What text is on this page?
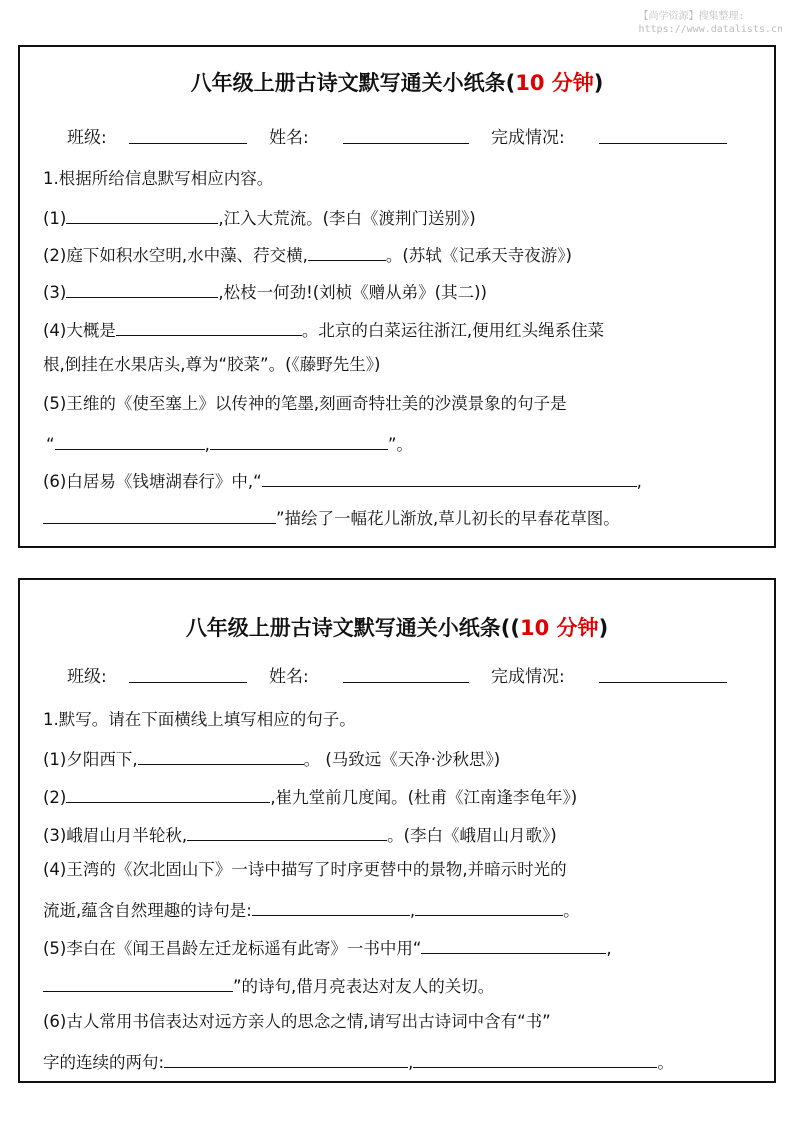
【尚学资源】搜集整理:
https://www.datalists.cn
八年级上册古诗文默写通关小纸条(10 分钟)
班级:	姓名:	完成情况:
1.根据所给信息默写相应内容。
(1)	,江入大荒流。(李白《渡荆门送别》)
(2)庭下如积水空明,水中藻、荇交横,	。(苏轼《记承天寺夜游》)
(3)	,松枝一何劲!(刘桢《赠从弟》(其二))
(4)大概是	。北京的白菜运往浙江,便用红头绳系住菜
根,倒挂在水果店头,尊为“胶菜”。(《藤野先生》)
(5)王维的《使至塞上》以传神的笔墨,刻画奇特壮美的沙漠景象的句子是
“	,	”。
(6)白居易《钱塘湖春行》中,“	,
”描绘了一幅花儿渐放,草儿初长的早春花草图。
八年级上册古诗文默写通关小纸条((10 分钟)
班级:	姓名:	完成情况:
1.默写。请在下面横线上填写相应的句子。
(1)夕阳西下,	。 (马致远《天净·沙秋思》)
(2)	,崔九堂前几度闻。(杜甫《江南逢李龟年》)
(3)峨眉山月半轮秋,	。(李白《峨眉山月歌》)
(4)王湾的《次北固山下》一诗中描写了时序更替中的景物,并暗示时光的
流逝,蕴含自然理趣的诗句是:	,	。
(5)李白在《闻王昌龄左迁龙标遥有此寄》一书中用“	,
”的诗句,借月亮表达对友人的关切。
(6)古人常用书信表达对远方亲人的思念之情,请写出古诗词中含有“书”
字的连续的两句:	,	。
